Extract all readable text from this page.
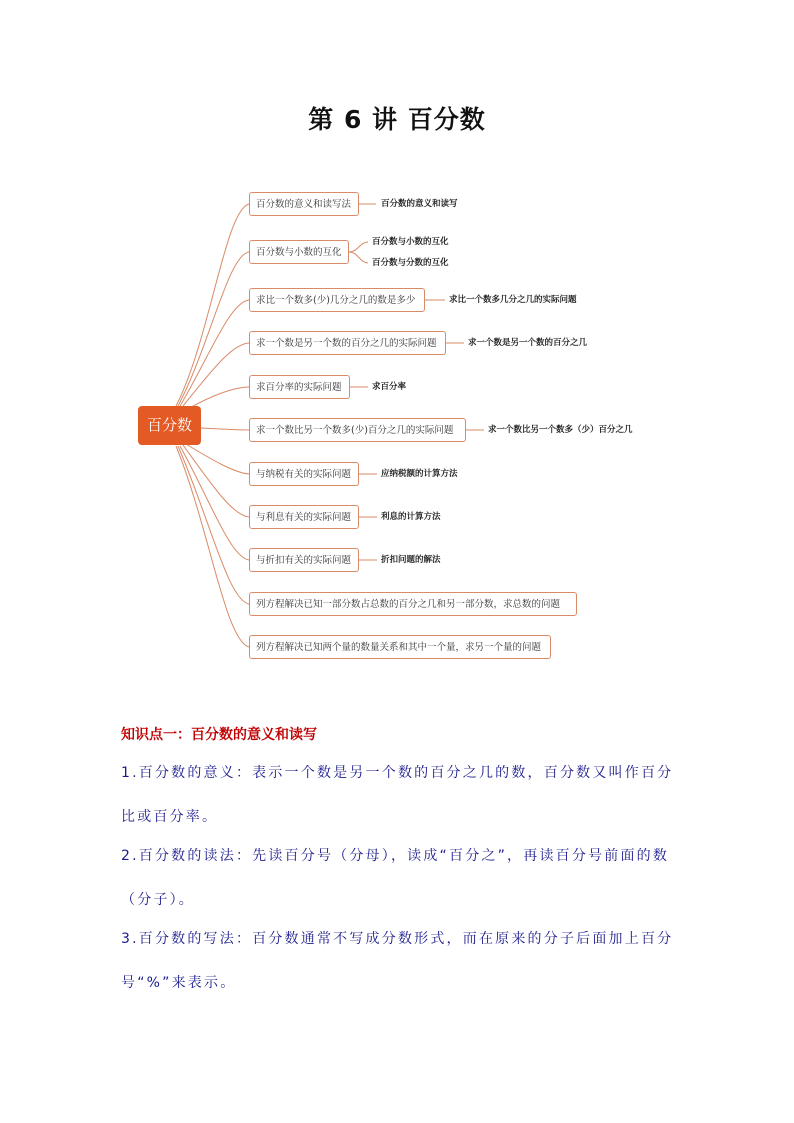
第 6 讲 百分数
百分数
百分数的意义和读写法
百分数与小数的互化
求比一个数多(少)几分之几的数是多少
求一个数是另一个数的百分之几的实际问题
求百分率的实际问题
求一个数比另一个数多(少)百分之几的实际问题
与纳税有关的实际问题
与利息有关的实际问题
与折扣有关的实际问题
列方程解决已知一部分数占总数的百分之几和另一部分数，求总数的问题
列方程解决已知两个量的数量关系和其中一个量，求另一个量的问题
百分数的意义和读写
百分数与小数的互化
百分数与分数的互化
求比一个数多几分之几的实际问题
求一个数是另一个数的百分之几
求百分率
求一个数比另一个数多（少）百分之几
应纳税额的计算方法
利息的计算方法
折扣问题的解法
知识点一：百分数的意义和读写
1.百分数的意义：表示一个数是另一个数的百分之几的数，百分数又叫作百分比或百分率。
2.百分数的读法：先读百分号（分母），读成“百分之”，再读百分号前面的数（分子）。
3.百分数的写法：百分数通常不写成分数形式，而在原来的分子后面加上百分号“%”来表示。
